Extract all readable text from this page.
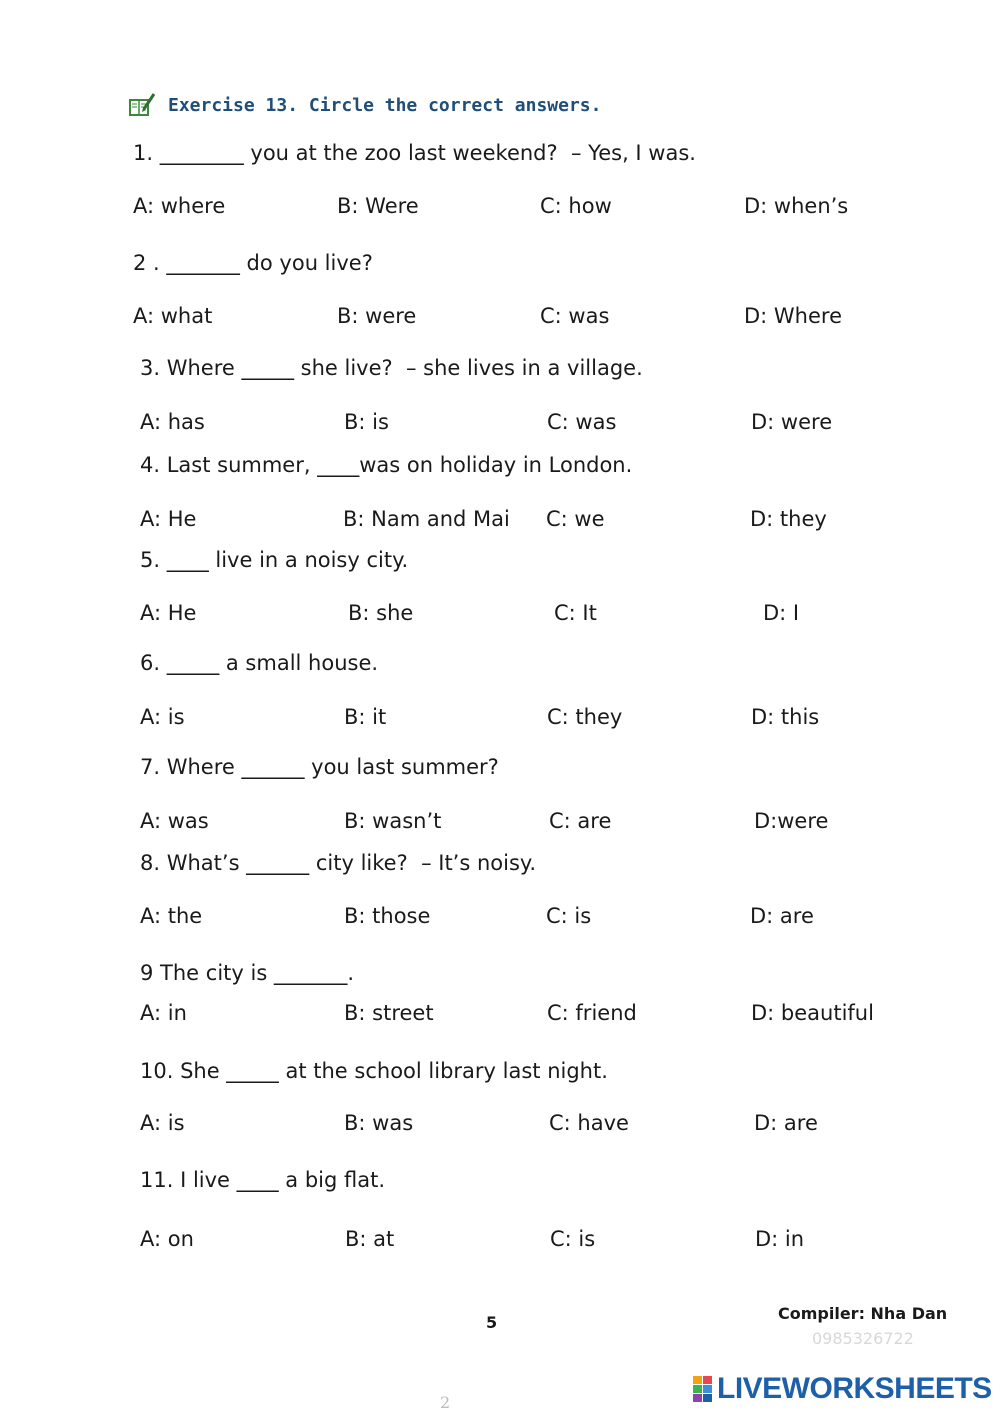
Exercise 13. Circle the correct answers.
1. ________ you at the zoo last weekend?  – Yes, I was.
A: where	B: Were	C: how	D: when’s
2 . _______ do you live?
A: what	B: were	C: was	D: Where
3. Where _____ she live?  – she lives in a village.
A: has	B: is	C: was	D: were
4. Last summer, ____was on holiday in London.
A: He	B: Nam and Mai C: we	D: they
5. ____ live in a noisy city.
A: He	B: she	C: It	D: I
6. _____ a small house.
A: is	B: it	C: they	D: this
7. Where ______ you last summer?
A: was	B: wasn’t	C: are	D:were
8. What’s ______ city like?  – It’s noisy.
A: the	B: those	C: is	D: are
9 The city is _______.
A: in	B: street	C: friend	D: beautiful
10. She _____ at the school library last night.
A: is	B: was	C: have	D: are
11. I live ____ a big flat.
A: on	B: at	C: is	D: in
5	Compiler: Nha Dan
0985326722
LIVEWORKSHEETS
2
